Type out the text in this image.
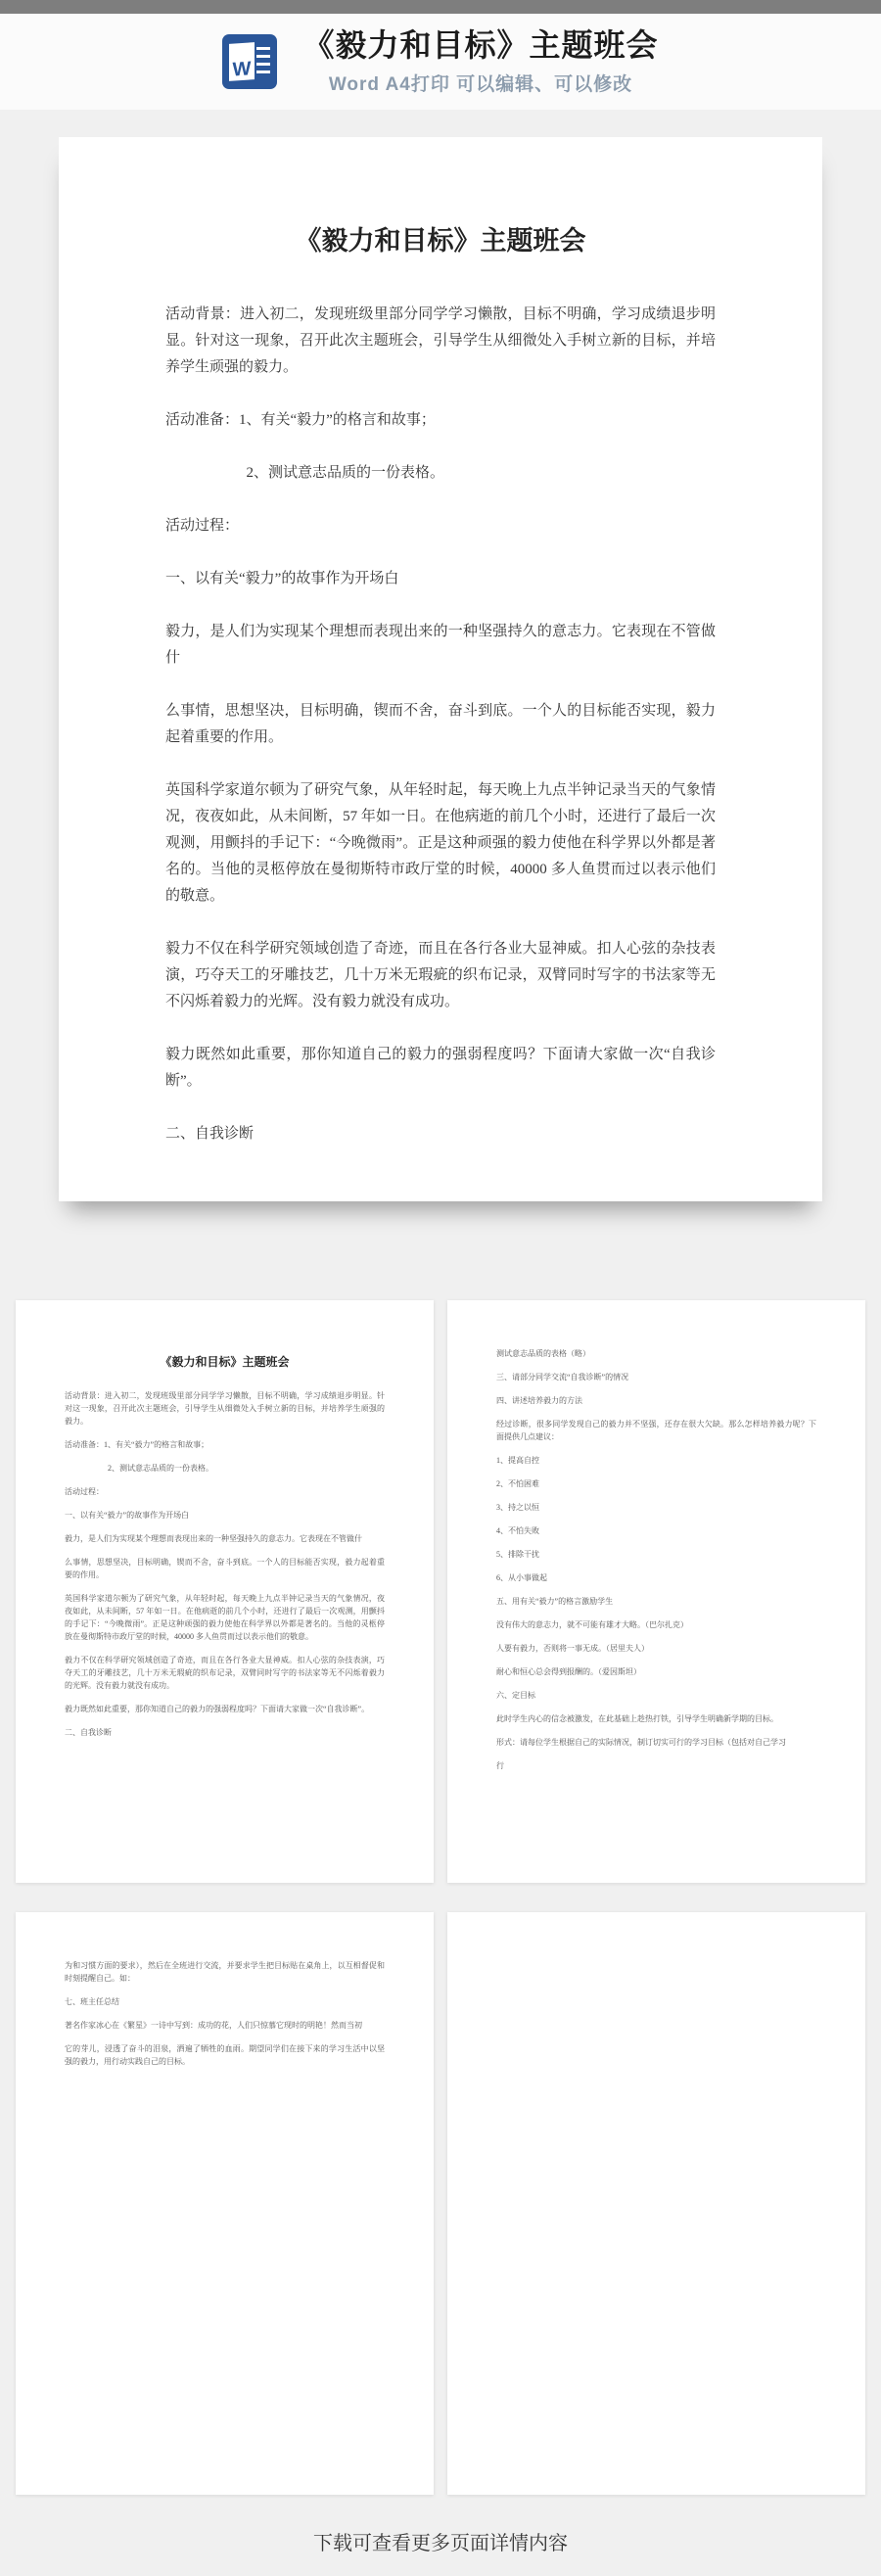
W
《毅力和目标》主题班会
Word A4打印 可以编辑、可以修改
《毅力和目标》主题班会

活动背景：进入初二，发现班级里部分同学学习懒散，目标不明确，学习成绩退步明显。针对这一现象，召开此次主题班会，引导学生从细微处入手树立新的目标，并培养学生顽强的毅力。

活动准备：1、有关“毅力”的格言和故事；

2、测试意志品质的一份表格。

活动过程：

一、以有关“毅力”的故事作为开场白

毅力，是人们为实现某个理想而表现出来的一种坚强持久的意志力。它表现在不管做什

么事情，思想坚决，目标明确，锲而不舍，奋斗到底。一个人的目标能否实现，毅力起着重要的作用。

英国科学家道尔顿为了研究气象，从年轻时起，每天晚上九点半钟记录当天的气象情况，夜夜如此，从未间断，57 年如一日。在他病逝的前几个小时，还进行了最后一次观测，用颤抖的手记下：“今晚微雨”。正是这种顽强的毅力使他在科学界以外都是著名的。当他的灵柩停放在曼彻斯特市政厅堂的时候，40000 多人鱼贯而过以表示他们的敬意。

毅力不仅在科学研究领域创造了奇迹，而且在各行各业大显神威。扣人心弦的杂技表演，巧夺天工的牙雕技艺，几十万米无瑕疵的织布记录，双臂同时写字的书法家等无不闪烁着毅力的光辉。没有毅力就没有成功。

毅力既然如此重要，那你知道自己的毅力的强弱程度吗？下面请大家做一次“自我诊断”。

二、自我诊断

《毅力和目标》主题班会

活动背景：进入初二，发现班级里部分同学学习懒散，目标不明确，学习成绩退步明显。针对这一现象，召开此次主题班会，引导学生从细微处入手树立新的目标，并培养学生顽强的毅力。

活动准备：1、有关“毅力”的格言和故事；

2、测试意志品质的一份表格。

活动过程：

一、以有关“毅力”的故事作为开场白

毅力，是人们为实现某个理想而表现出来的一种坚强持久的意志力。它表现在不管做什

么事情，思想坚决，目标明确，锲而不舍，奋斗到底。一个人的目标能否实现，毅力起着重要的作用。

英国科学家道尔顿为了研究气象，从年轻时起，每天晚上九点半钟记录当天的气象情况，夜夜如此，从未间断，57 年如一日。在他病逝的前几个小时，还进行了最后一次观测，用颤抖的手记下：“今晚微雨”。正是这种顽强的毅力使他在科学界以外都是著名的。当他的灵柩停放在曼彻斯特市政厅堂的时候，40000 多人鱼贯而过以表示他们的敬意。

毅力不仅在科学研究领域创造了奇迹，而且在各行各业大显神威。扣人心弦的杂技表演，巧夺天工的牙雕技艺，几十万米无瑕疵的织布记录，双臂同时写字的书法家等无不闪烁着毅力的光辉。没有毅力就没有成功。

毅力既然如此重要，那你知道自己的毅力的强弱程度吗？下面请大家做一次“自我诊断”。

二、自我诊断

测试意志品质的表格（略）

三、请部分同学交流“自我诊断”的情况

四、讲述培养毅力的方法

经过诊断，很多同学发现自己的毅力并不坚强，还存在很大欠缺。那么怎样培养毅力呢？下面提供几点建议：

1、提高自控

2、不怕困难

3、持之以恒

4、不怕失败

5、排除干扰

6、从小事做起

五、用有关“毅力”的格言激励学生

没有伟大的意志力，就不可能有雄才大略。（巴尔扎克）

人要有毅力，否则将一事无成。（居里夫人）

耐心和恒心总会得到报酬的。（爱因斯坦）

六、定目标

此时学生内心的信念被激发，在此基础上趁热打铁，引导学生明确新学期的目标。

形式：请每位学生根据自己的实际情况，制订切实可行的学习目标（包括对自己学习

行

为和习惯方面的要求），然后在全班进行交流，并要求学生把目标贴在桌角上，以互相督促和时刻提醒自己。如：

七、班主任总结

著名作家冰心在《繁星》一诗中写到：成功的花，人们只惊慕它现时的明艳！然而当初

它的芽儿，浸透了奋斗的泪泉，洒遍了牺牲的血雨。期望同学们在接下来的学习生活中以坚强的毅力，用行动实践自己的目标。

下载可查看更多页面详情内容
